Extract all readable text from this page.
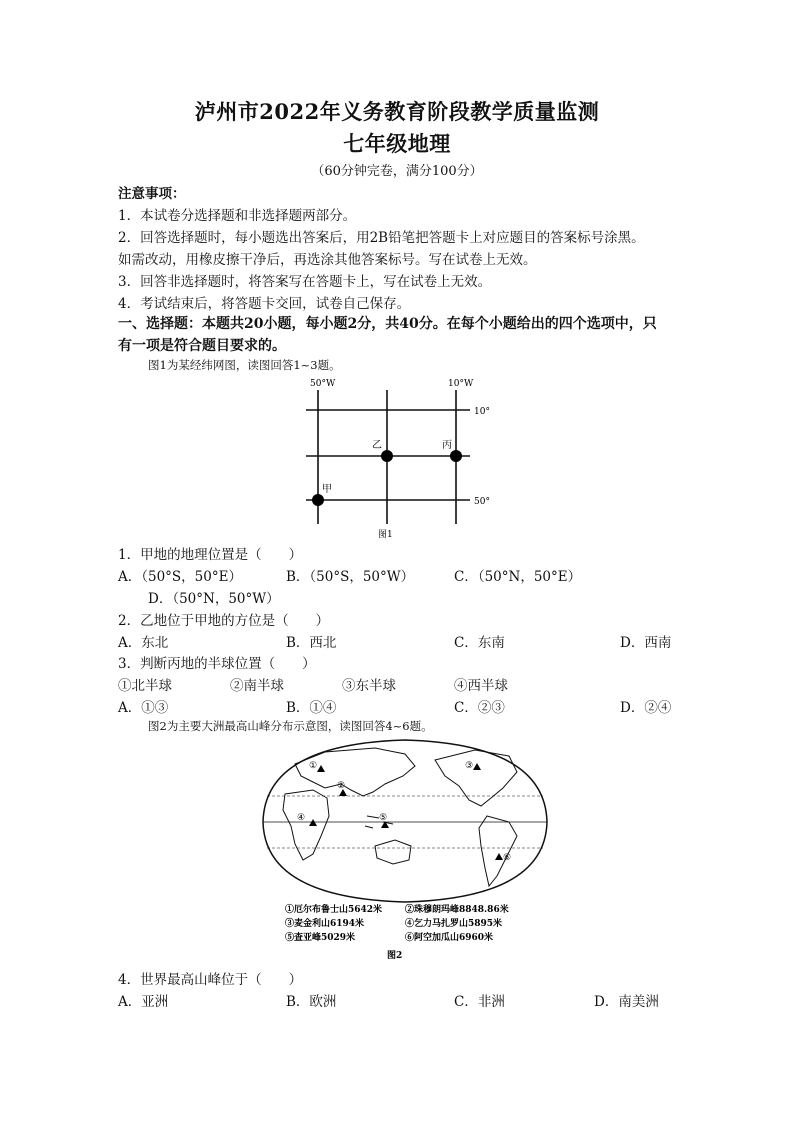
泸州市2022年义务教育阶段教学质量监测
七年级地理
（60分钟完卷，满分100分）
注意事项：
1．本试卷分选择题和非选择题两部分。
2．回答选择题时，每小题选出答案后，用2B铅笔把答题卡上对应题目的答案标号涂黑。
如需改动，用橡皮擦干净后，再选涂其他答案标号。写在试卷上无效。
3．回答非选择题时，将答案写在答题卡上，写在试卷上无效。
4．考试结束后，将答题卡交回，试卷自己保存。
一、选择题：本题共20小题，每小题2分，共40分。在每个小题给出的四个选项中，只
有一项是符合题目要求的。
图1为某经纬网图，读图回答1~3题。
50°W	10°W
10°
50°
甲
乙	丙
图1
1．甲地的地理位置是（　　）
A．（50°S，50°E）	B．（50°S，50°W）	C．（50°N，50°E）
D．（50°N，50°W）
2．乙地位于甲地的方位是（　　）
A．东北	B．西北	C．东南	D．西南
3．判断丙地的半球位置（　　）
①北半球	②南半球	③东半球	④西半球
A．①③	B．①④	C．②③	D．②④
图2为主要大洲最高山峰分布示意图，读图回答4~6题。
①
②
③
④	⑤
⑥
①厄尔布鲁士山5642米	②珠穆朗玛峰8848.86米
③麦金利山6194米	④乞力马扎罗山5895米
⑤查亚峰5029米	⑥阿空加瓜山6960米
图2
4．世界最高山峰位于（　　）
A．亚洲	B．欧洲	C．非洲	D．南美洲
